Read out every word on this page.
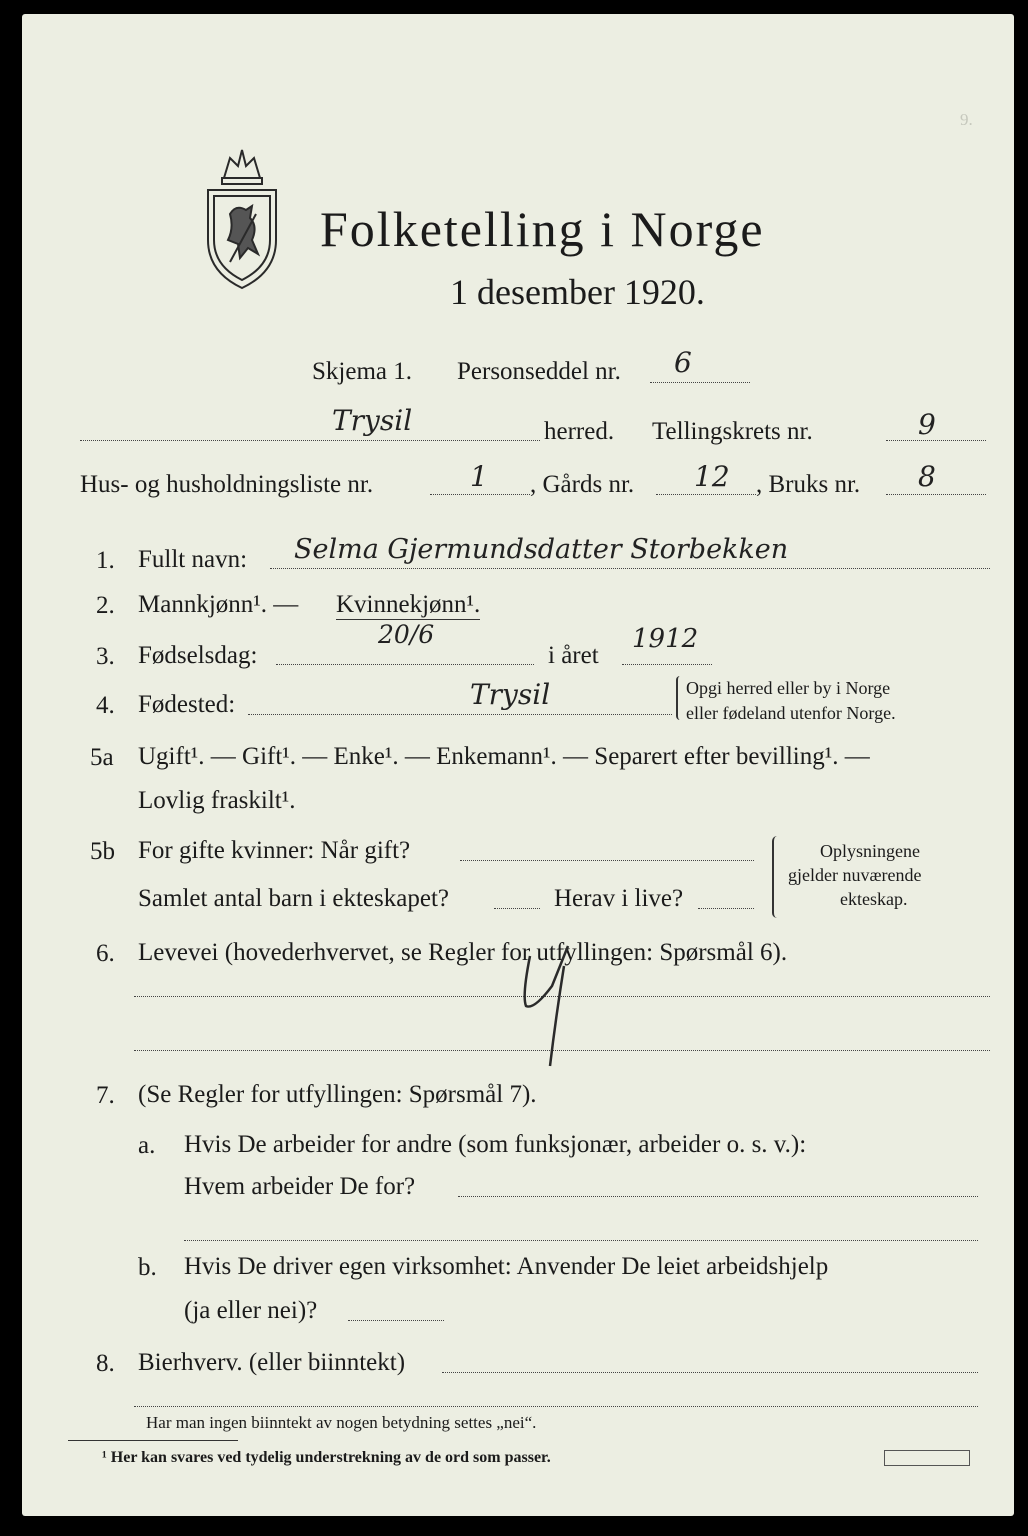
9.
Folketelling i Norge
1 desember 1920.
Skjema 1. Personseddel nr. 6
Trysil	herred. Tellingskrets nr.	9
Hus- og husholdningsliste nr.	1 , Gårds nr. 12 , Bruks nr. 8
1. Fullt navn: Selma Gjermundsdatter Storbekken
2. Mannkjønn¹. — Kvinnekjønn¹.
3. Fødselsdag:
20/6
i året
1912
4. Fødested:	Trysil	Opgi herred eller by i Norge
eller fødeland utenfor Norge.
5a Ugift¹. — Gift¹. — Enke¹. — Enkemann¹. — Separert efter bevilling¹. —
Lovlig fraskilt¹.
5b For gifte kvinner: Når gift?
Samlet antal barn i ekteskapet?	Herav i live?
Oplysningene
gjelder nuværende
ekteskap.
6. Levevei (hovederhvervet, se Regler for utfyllingen: Spørsmål 6).
7. (Se Regler for utfyllingen: Spørsmål 7).
a. Hvis De arbeider for andre (som funksjonær, arbeider o. s. v.):
Hvem arbeider De for?
b. Hvis De driver egen virksomhet: Anvender De leiet arbeidshjelp
(ja eller nei)?
8. Bierhverv. (eller biinntekt)
Har man ingen biinntekt av nogen betydning settes „nei“.
¹ Her kan svares ved tydelig understrekning av de ord som passer.
